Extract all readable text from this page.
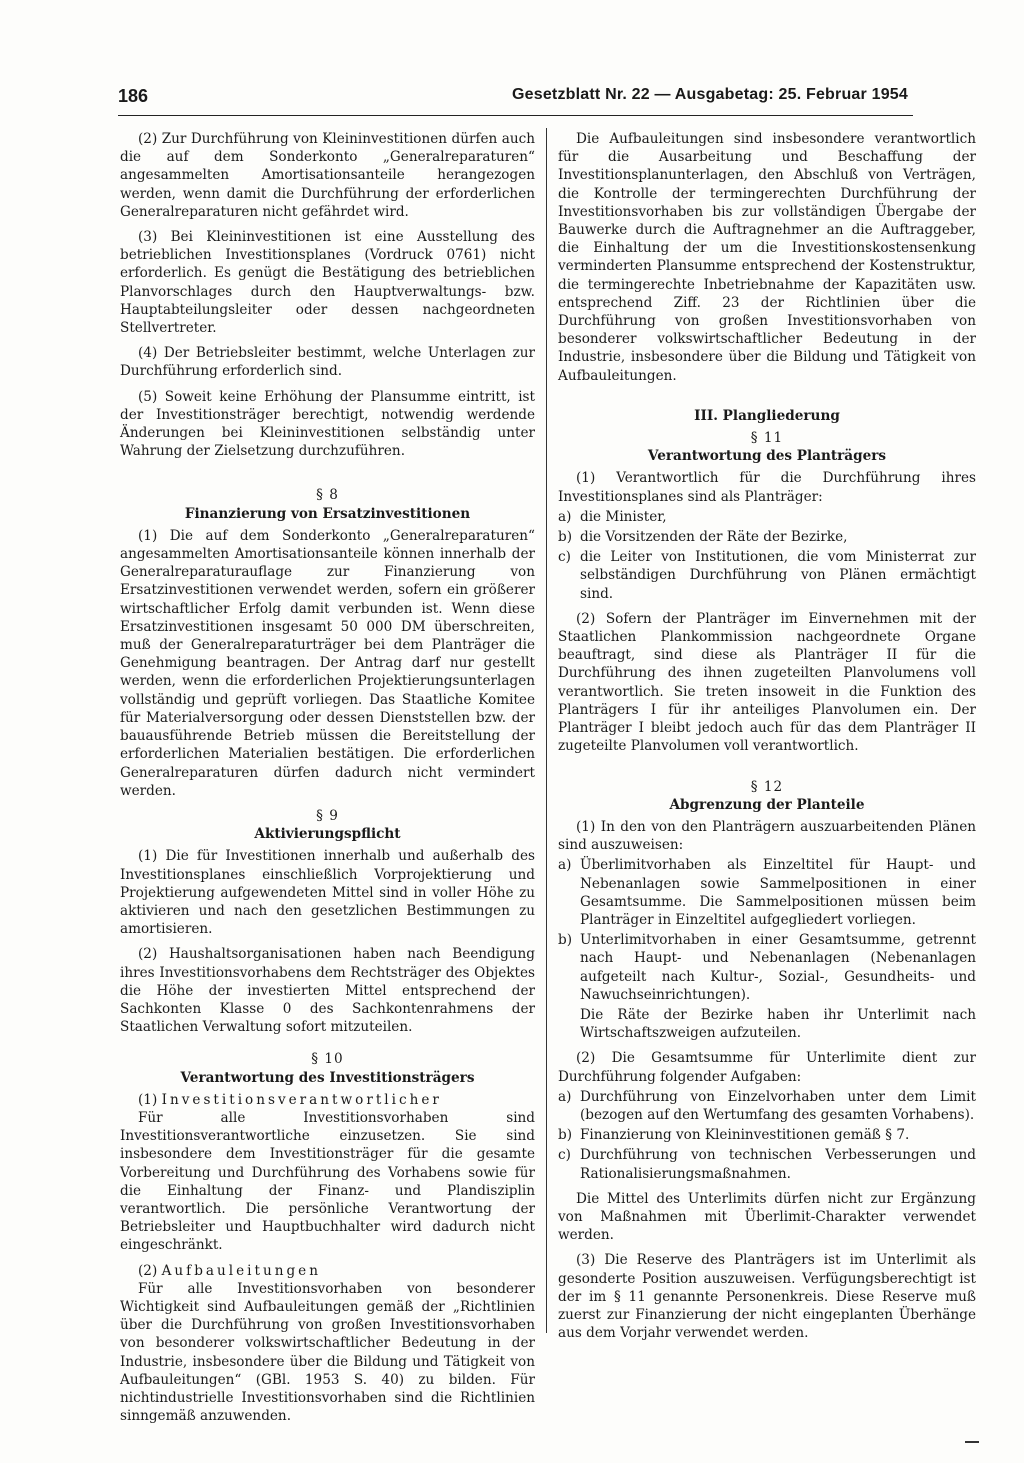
186	Gesetzblatt Nr. 22 — Ausgabetag: 25. Februar 1954

(2) Zur Durchführung von Kleininvestitionen dürfen auch die auf dem Sonderkonto „Generalreparaturen“ angesammelten Amortisationsanteile herangezogen werden, wenn damit die Durchführung der erforderlichen Generalreparaturen nicht gefährdet wird.

(3) Bei Kleininvestitionen ist eine Ausstellung des betrieblichen Investitionsplanes (Vordruck 0761) nicht erforderlich. Es genügt die Bestätigung des betrieblichen Planvorschlages durch den Hauptverwaltungs- bzw. Hauptabteilungsleiter oder dessen nachgeordneten Stellvertreter.

(4) Der Betriebsleiter bestimmt, welche Unterlagen zur Durchführung erforderlich sind.

(5) Soweit keine Erhöhung der Plansumme eintritt, ist der Investitionsträger berechtigt, notwendig werdende Änderungen bei Kleininvestitionen selbständig unter Wahrung der Zielsetzung durchzuführen.

§ 8
Finanzierung von Ersatzinvestitionen

(1) Die auf dem Sonderkonto „Generalreparaturen“ angesammelten Amortisationsanteile können innerhalb der Generalreparaturauflage zur Finanzierung von Ersatzinvestitionen verwendet werden, sofern ein größerer wirtschaftlicher Erfolg damit verbunden ist. Wenn diese Ersatzinvestitionen insgesamt 50 000 DM überschreiten, muß der Generalreparaturträger bei dem Planträger die Genehmigung beantragen. Der Antrag darf nur gestellt werden, wenn die erforderlichen Projektierungsunterlagen vollständig und geprüft vorliegen. Das Staatliche Komitee für Materialversorgung oder dessen Dienststellen bzw. der bauausführende Betrieb müssen die Bereitstellung der erforderlichen Materialien bestätigen. Die erforderlichen Generalreparaturen dürfen dadurch nicht vermindert werden.

§ 9
Aktivierungspflicht

(1) Die für Investitionen innerhalb und außerhalb des Investitionsplanes einschließlich Vorprojektierung und Projektierung aufgewendeten Mittel sind in voller Höhe zu aktivieren und nach den gesetzlichen Bestimmungen zu amortisieren.

(2) Haushaltsorganisationen haben nach Beendigung ihres Investitionsvorhabens dem Rechtsträger des Objektes die Höhe der investierten Mittel entsprechend der Sachkonten Klasse 0 des Sachkontenrahmens der Staatlichen Verwaltung sofort mitzuteilen.

§ 10
Verantwortung des Investitionsträgers
(1) Investitionsverantwortlicher

Für alle Investitionsvorhaben sind Investitionsverantwortliche einzusetzen. Sie sind insbesondere dem Investitionsträger für die gesamte Vorbereitung und Durchführung des Vorhabens sowie für die Einhaltung der Finanz- und Plandisziplin verantwortlich. Die persönliche Verantwortung der Betriebsleiter und Hauptbuchhalter wird dadurch nicht eingeschränkt.

(2) Aufbauleitungen

Für alle Investitionsvorhaben von besonderer Wichtigkeit sind Aufbauleitungen gemäß der „Richtlinien über die Durchführung von großen Investitionsvorhaben von besonderer volkswirtschaftlicher Bedeutung in der Industrie, insbesondere über die Bildung und Tätigkeit von Aufbauleitungen“ (GBl. 1953 S. 40) zu bilden. Für nichtindustrielle Investitionsvorhaben sind die Richtlinien sinngemäß anzuwenden.

Die Aufbauleitungen sind insbesondere verantwortlich für die Ausarbeitung und Beschaffung der Investitionsplanunterlagen, den Abschluß von Verträgen, die Kontrolle der termingerechten Durchführung der Investitionsvorhaben bis zur vollständigen Übergabe der Bauwerke durch die Auftragnehmer an die Auftraggeber, die Einhaltung der um die Investitionskostensenkung verminderten Plansumme entsprechend der Kostenstruktur, die termingerechte Inbetriebnahme der Kapazitäten usw. entsprechend Ziff. 23 der Richtlinien über die Durchführung von großen Investitionsvorhaben von besonderer volkswirtschaftlicher Bedeutung in der Industrie, insbesondere über die Bildung und Tätigkeit von Aufbauleitungen.

III. Plangliederung
§ 11
Verantwortung des Planträgers

(1) Verantwortlich für die Durchführung ihres Investitionsplanes sind als Planträger:

a) die Minister,
b) die Vorsitzenden der Räte der Bezirke,
c) die Leiter von Institutionen, die vom Ministerrat zur selbständigen Durchführung von Plänen ermächtigt sind.

(2) Sofern der Planträger im Einvernehmen mit der Staatlichen Plankommission nachgeordnete Organe beauftragt, sind diese als Planträger II für die Durchführung des ihnen zugeteilten Planvolumens voll verantwortlich. Sie treten insoweit in die Funktion des Planträgers I für ihr anteiliges Planvolumen ein. Der Planträger I bleibt jedoch auch für das dem Planträger II zugeteilte Planvolumen voll verantwortlich.

§ 12
Abgrenzung der Planteile

(1) In den von den Planträgern auszuarbeitenden Plänen sind auszuweisen:

a) Überlimitvorhaben als Einzeltitel für Haupt- und Nebenanlagen sowie Sammelpositionen in einer Gesamtsumme. Die Sammelpositionen müssen beim Planträger in Einzeltitel aufgegliedert vorliegen.
b) Unterlimitvorhaben in einer Gesamtsumme, getrennt nach Haupt- und Nebenanlagen (Nebenanlagen aufgeteilt nach Kultur-, Sozial-, Gesundheits- und Nawuchseinrichtungen).
Die Räte der Bezirke haben ihr Unterlimit nach Wirtschaftszweigen aufzuteilen.

(2) Die Gesamtsumme für Unterlimite dient zur Durchführung folgender Aufgaben:

a) Durchführung von Einzelvorhaben unter dem Limit (bezogen auf den Wertumfang des gesamten Vorhabens).
b) Finanzierung von Kleininvestitionen gemäß § 7.
c) Durchführung von technischen Verbesserungen und Rationalisierungsmaßnahmen.

Die Mittel des Unterlimits dürfen nicht zur Ergänzung von Maßnahmen mit Überlimit-Charakter verwendet werden.

(3) Die Reserve des Planträgers ist im Unterlimit als gesonderte Position auszuweisen. Verfügungsberechtigt ist der im § 11 genannte Personenkreis. Diese Reserve muß zuerst zur Finanzierung der nicht eingeplanten Überhänge aus dem Vorjahr verwendet werden.
